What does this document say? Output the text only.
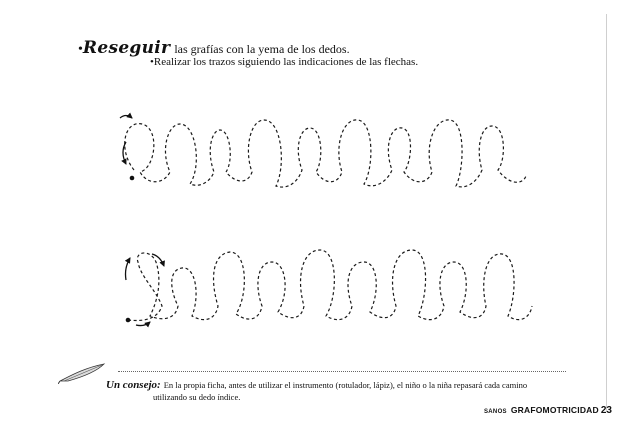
•Reseguir las grafías con la yema de los dedos.
•Realizar los trazos siguiendo las indicaciones de las flechas.
Un consejo: En la propia ficha, antes de utilizar el instrumento (rotulador, lápiz), el niño o la niña repasará cada camino
utilizando su dedo índice.
SANOS GRAFOMOTRICIDAD 23
